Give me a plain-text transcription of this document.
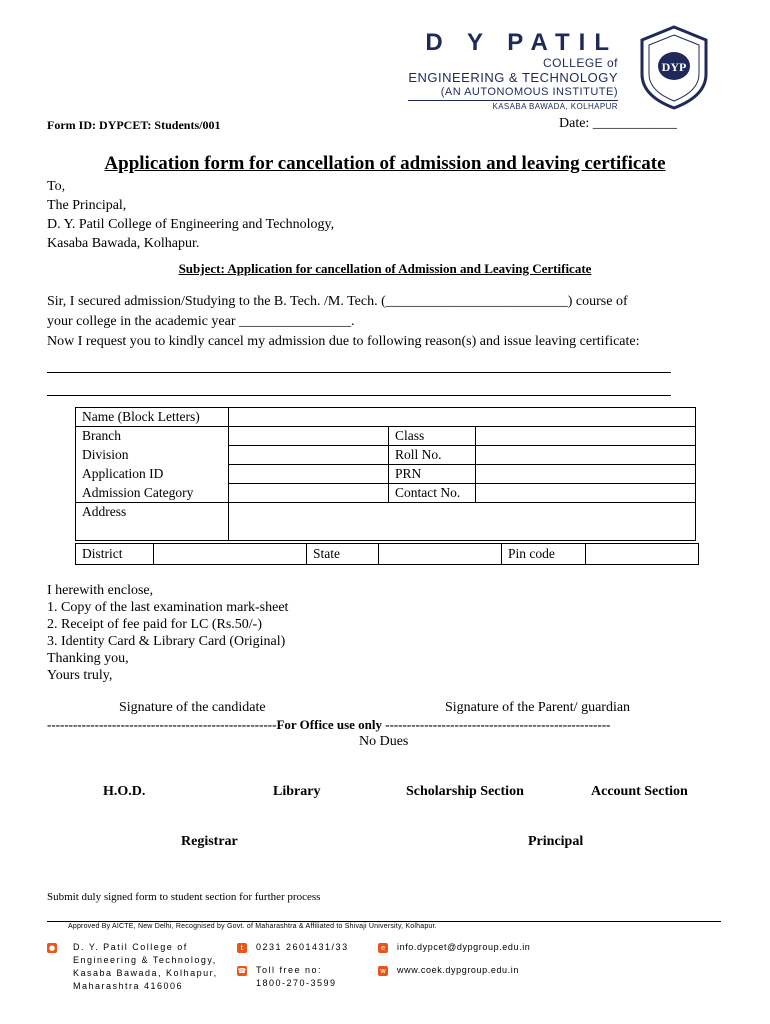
D Y PATIL
COLLEGE of
ENGINEERING & TECHNOLOGY
(AN AUTONOMOUS INSTITUTE)
KASABA BAWADA, KOLHAPUR
DYP
Form ID: DYPCET: Students/001	Date: ____________
Application form for cancellation of admission and leaving certificate
To,
The Principal,
D. Y. Patil College of Engineering and Technology,
Kasaba Bawada, Kolhapur.
Subject: Application for cancellation of Admission and Leaving Certificate
Sir, I secured admission/Studying to the B. Tech. /M. Tech. (__________________________) course of
your college in the academic year ________________.
Now I request you to kindly cancel my admission due to following reason(s) and issue leaving certificate:
Name (Block Letters)			
Branch		Class	
Division		Roll No.	
Application ID		PRN	
Admission Category		Contact No.	
Address			
District	State	Pin code
I herewith enclose,
1. Copy of the last examination mark-sheet
2. Receipt of fee paid for LC (Rs.50/-)
3. Identity Card & Library Card (Original)
Thanking you,
Yours truly,
Signature of the candidate	Signature of the Parent/ guardian
-----------------------------------------------------For Office use only ----------------------------------------------------
No Dues
H.O.D.	Library	Scholarship Section	Account Section
Registrar	Principal
Submit duly signed form to student section for further process
Approved By AICTE, New Delhi, Recognised by Govt. of Maharashtra & Affiliated to Shivaji University, Kolhapur.
● D. Y. Patil College of
Engineering & Technology,
Kasaba Bawada, Kolhapur,
Maharashtra 416006
t	0231 2601431/33
☎ Toll free no:
1800-270-3599
e	info.dypcet@dypgroup.edu.in
w www.coek.dypgroup.edu.in
